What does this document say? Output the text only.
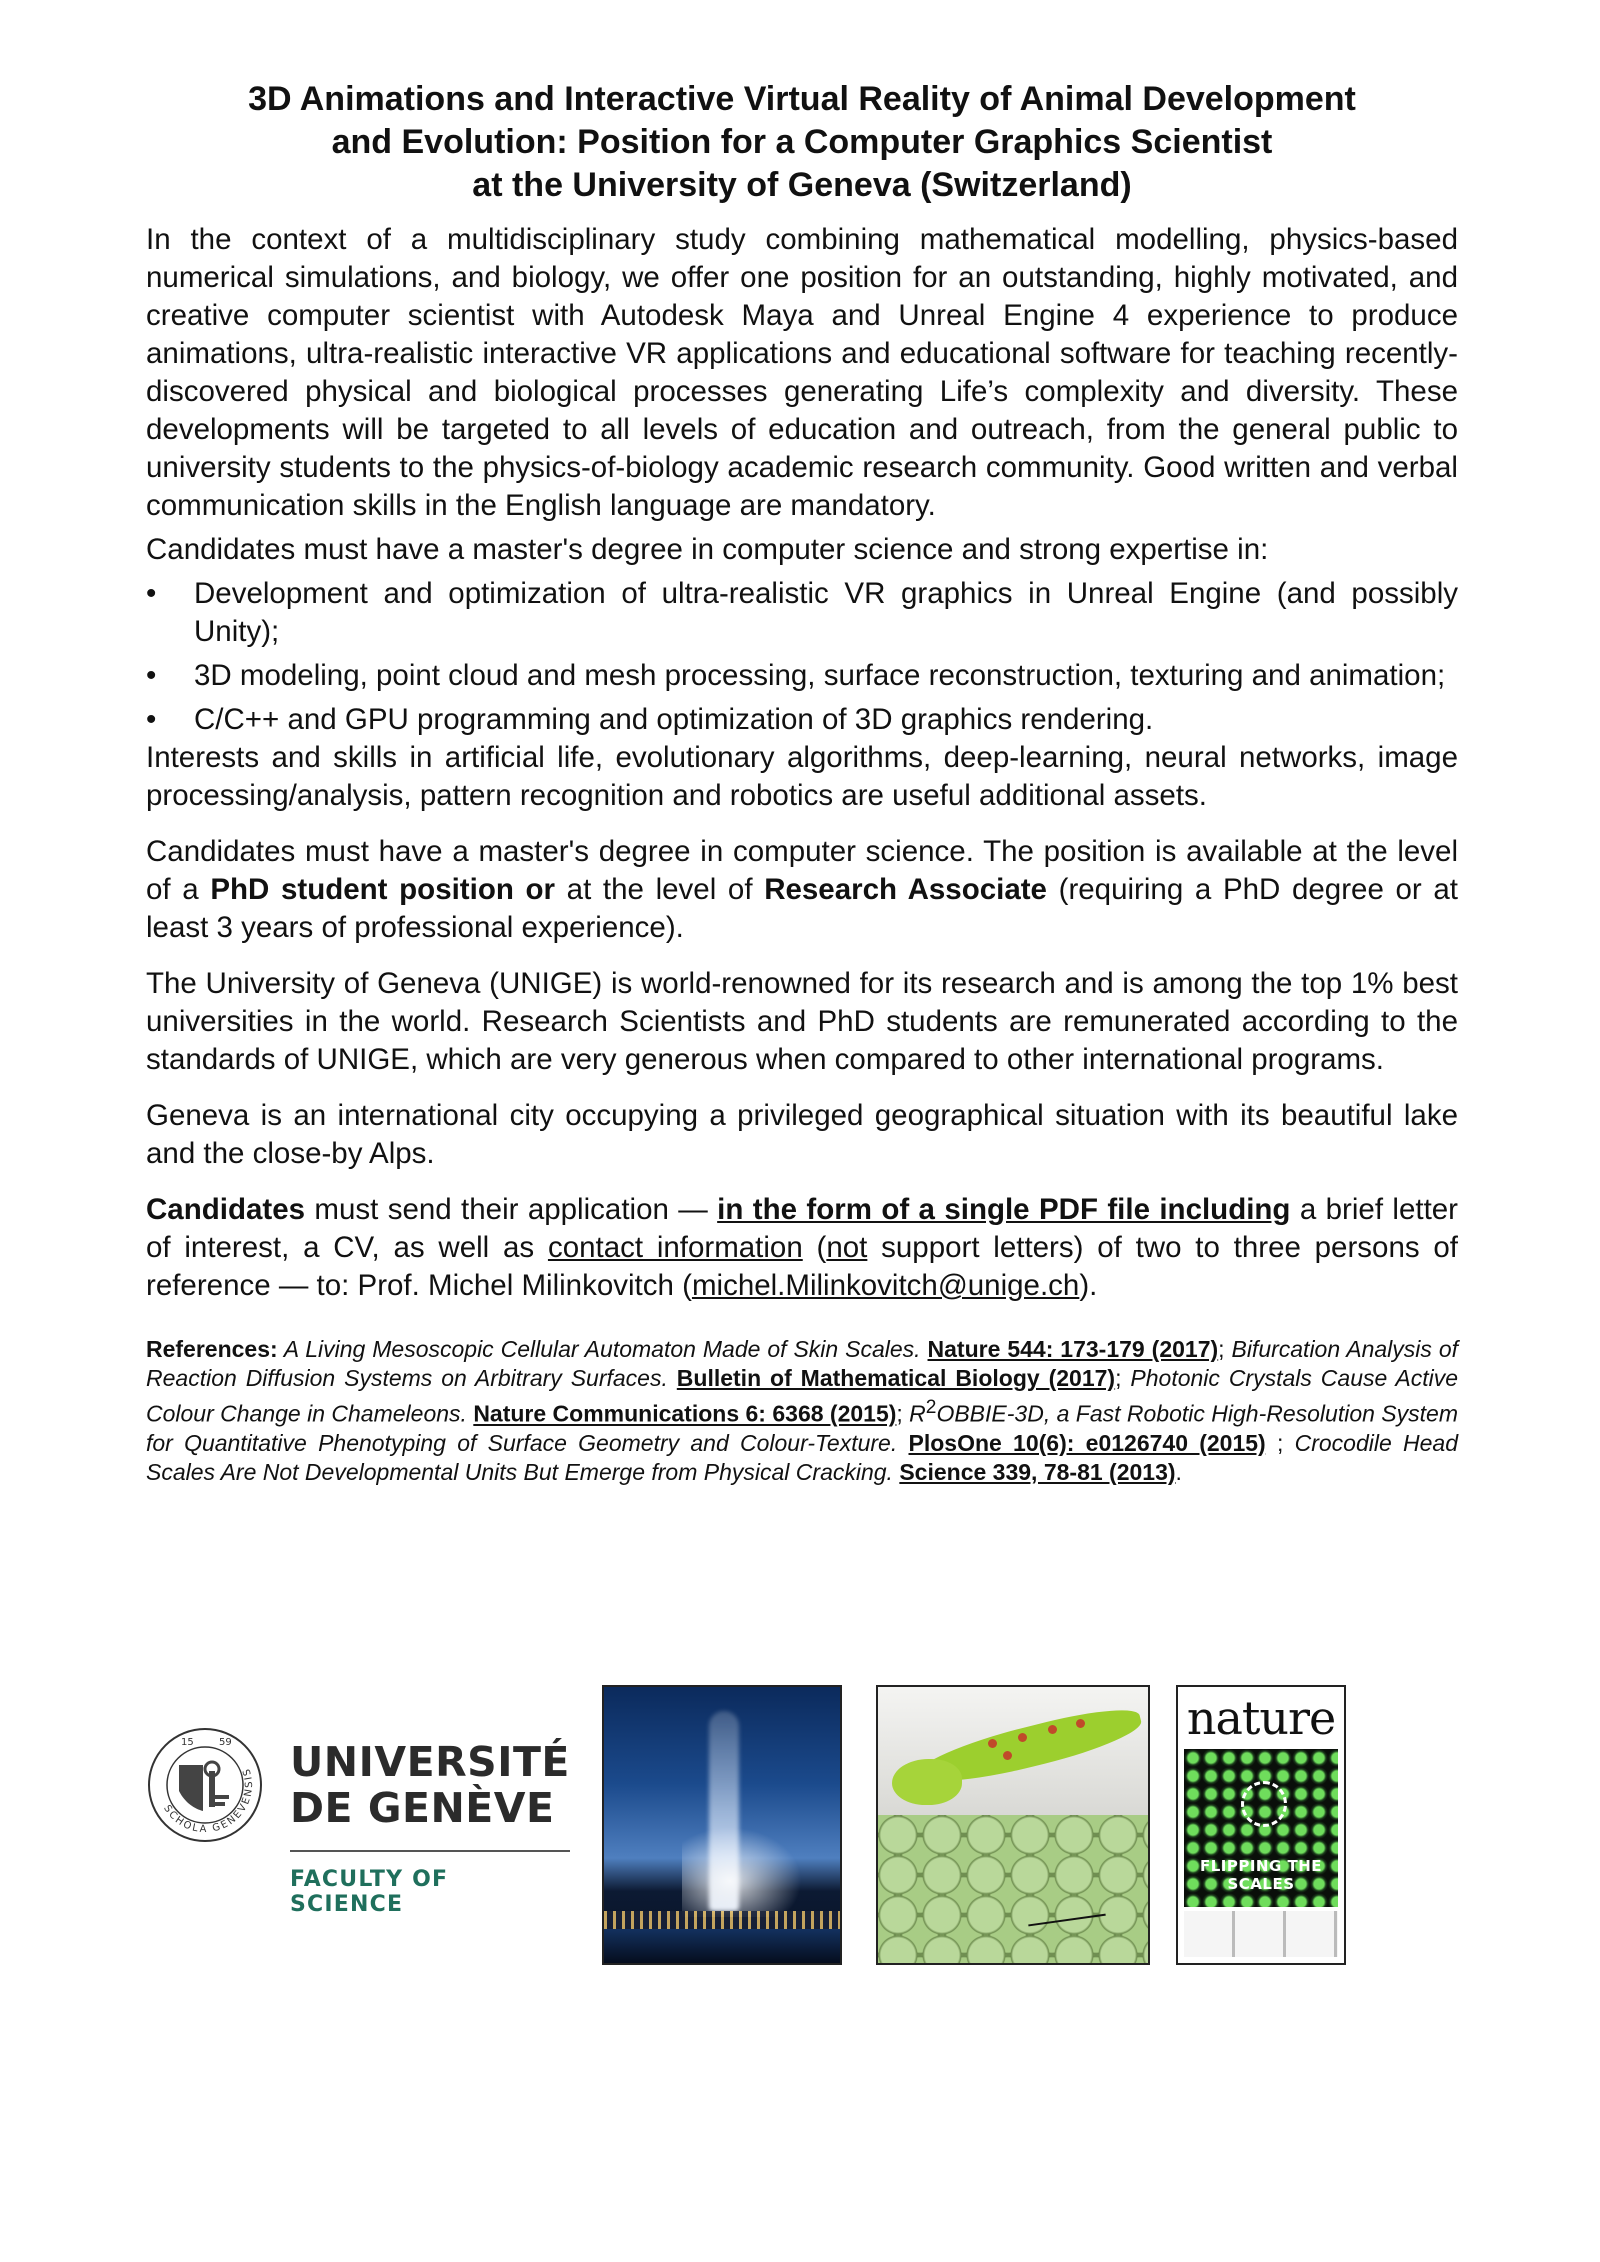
3D Animations and Interactive Virtual Reality of Animal Development
and Evolution: Position for a Computer Graphics Scientist
at the University of Geneva (Switzerland)

In the context of a multidisciplinary study combining mathematical modelling, physics-based numerical simulations, and biology, we offer one position for an outstanding, highly motivated, and creative computer scientist with Autodesk Maya and Unreal Engine 4 experience to produce animations, ultra-realistic interactive VR applications and educational software for teaching recently-discovered physical and biological processes generating Life’s complexity and diversity. These developments will be targeted to all levels of education and outreach, from the general public to university students to the physics-of-biology academic research community. Good written and verbal communication skills in the English language are mandatory.

Candidates must have a master's degree in computer science and strong expertise in:

• Development and optimization of ultra-realistic VR graphics in Unreal Engine (and possibly Unity);
• 3D modeling, point cloud and mesh processing, surface reconstruction, texturing and animation;
• C/C++ and GPU programming and optimization of 3D graphics rendering.

Interests and skills in artificial life, evolutionary algorithms, deep-learning, neural networks, image processing/analysis, pattern recognition and robotics are useful additional assets.

Candidates must have a master's degree in computer science. The position is available at the level of a PhD student position or at the level of Research Associate (requiring a PhD degree or at least 3 years of professional experience).

The University of Geneva (UNIGE) is world-renowned for its research and is among the top 1% best universities in the world. Research Scientists and PhD students are remunerated according to the standards of UNIGE, which are very generous when compared to other international programs.

Geneva is an international city occupying a privileged geographical situation with its beautiful lake and the close-by Alps.

Candidates must send their application — in the form of a single PDF file including a brief letter of interest, a CV, as well as contact information (not support letters) of two to three persons of reference — to: Prof. Michel Milinkovitch (michel.Milinkovitch@unige.ch).

References: A Living Mesoscopic Cellular Automaton Made of Skin Scales. Nature 544: 173-179 (2017); Bifurcation Analysis of Reaction Diffusion Systems on Arbitrary Surfaces. Bulletin of Mathematical Biology (2017); Photonic Crystals Cause Active Colour Change in Chameleons. Nature Communications 6: 6368 (2015); $R^2OBBIE-3D$, a Fast Robotic High-Resolution System for Quantitative Phenotyping of Surface Geometry and Colour-Texture. PlosOne 10(6): e0126740 (2015) ; Crocodile Head Scales Are Not Developmental Units But Emerge from Physical Cracking. Science 339, 78-81 (2013).

SCHOLA GENEVENSIS
15	59 UNIVERSITÉ
DE GENÈVE
FACULTY OF SCIENCE
nature
FLIPPING THE SCALES
